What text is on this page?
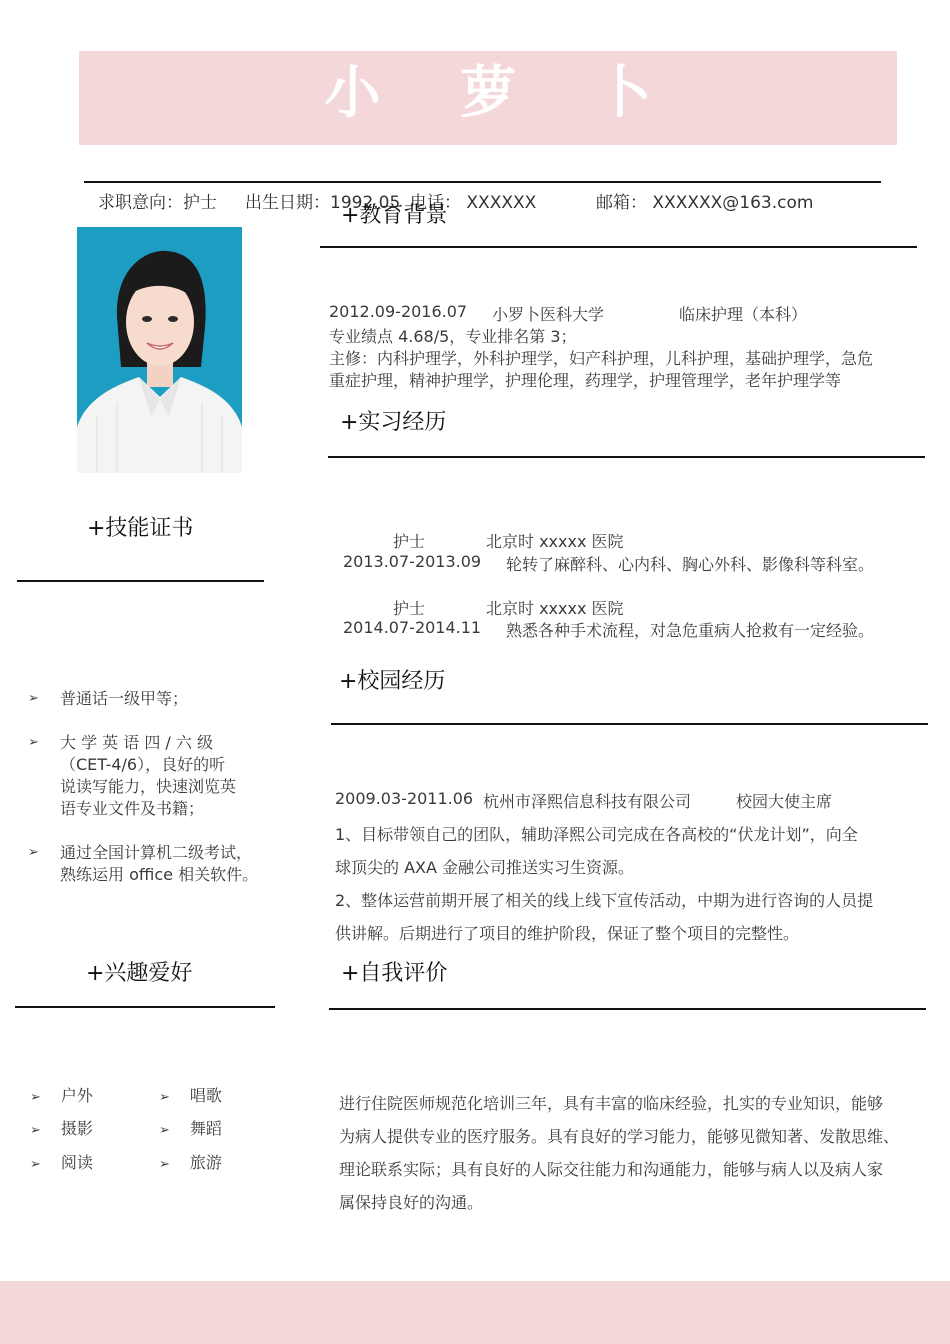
小 萝 卜
求职意向：护士 出生日期：1992.05 电话： XXXXXX	邮箱： XXXXXX@163.com
+教育背景
2012.09-2016.07 小罗卜医科大学	临床护理（本科）
专业绩点 4.68/5，专业排名第 3；
主修：内科护理学，外科护理学，妇产科护理，儿科护理，基础护理学，急危
重症护理，精神护理学，护理伦理，药理学，护理管理学，老年护理学等
+实习经历
护士	北京时 xxxxx 医院
2013.07-2013.09 轮转了麻醉科、心内科、胸心外科、影像科等科室。
护士	北京时 xxxxx 医院
2014.07-2014.11 熟悉各种手术流程，对急危重病人抢救有一定经验。
+校园经历
2009.03-2011.06 杭州市泽熙信息科技有限公司	校园大使主席
1、目标带领自己的团队，辅助泽熙公司完成在各高校的“伏龙计划”，向全
球顶尖的 AXA 金融公司推送实习生资源。
2、整体运营前期开展了相关的线上线下宣传活动，中期为进行咨询的人员提
供讲解。后期进行了项目的维护阶段，保证了整个项目的完整性。
+自我评价
进行住院医师规范化培训三年，具有丰富的临床经验，扎实的专业知识，能够
为病人提供专业的医疗服务。具有良好的学习能力，能够见微知著、发散思维、
理论联系实际；具有良好的人际交往能力和沟通能力，能够与病人以及病人家
属保持良好的沟通。
+技能证书
➢ 普通话一级甲等；
➢ 大 学 英 语 四 / 六 级
（CET-4/6），良好的听
说读写能力，快速浏览英
语专业文件及书籍；
➢ 通过全国计算机二级考试，
熟练运用 office 相关软件。
+兴趣爱好
➢ 户外
➢ 摄影
➢ 阅读
➢ 唱歌
➢ 舞蹈
➢ 旅游
